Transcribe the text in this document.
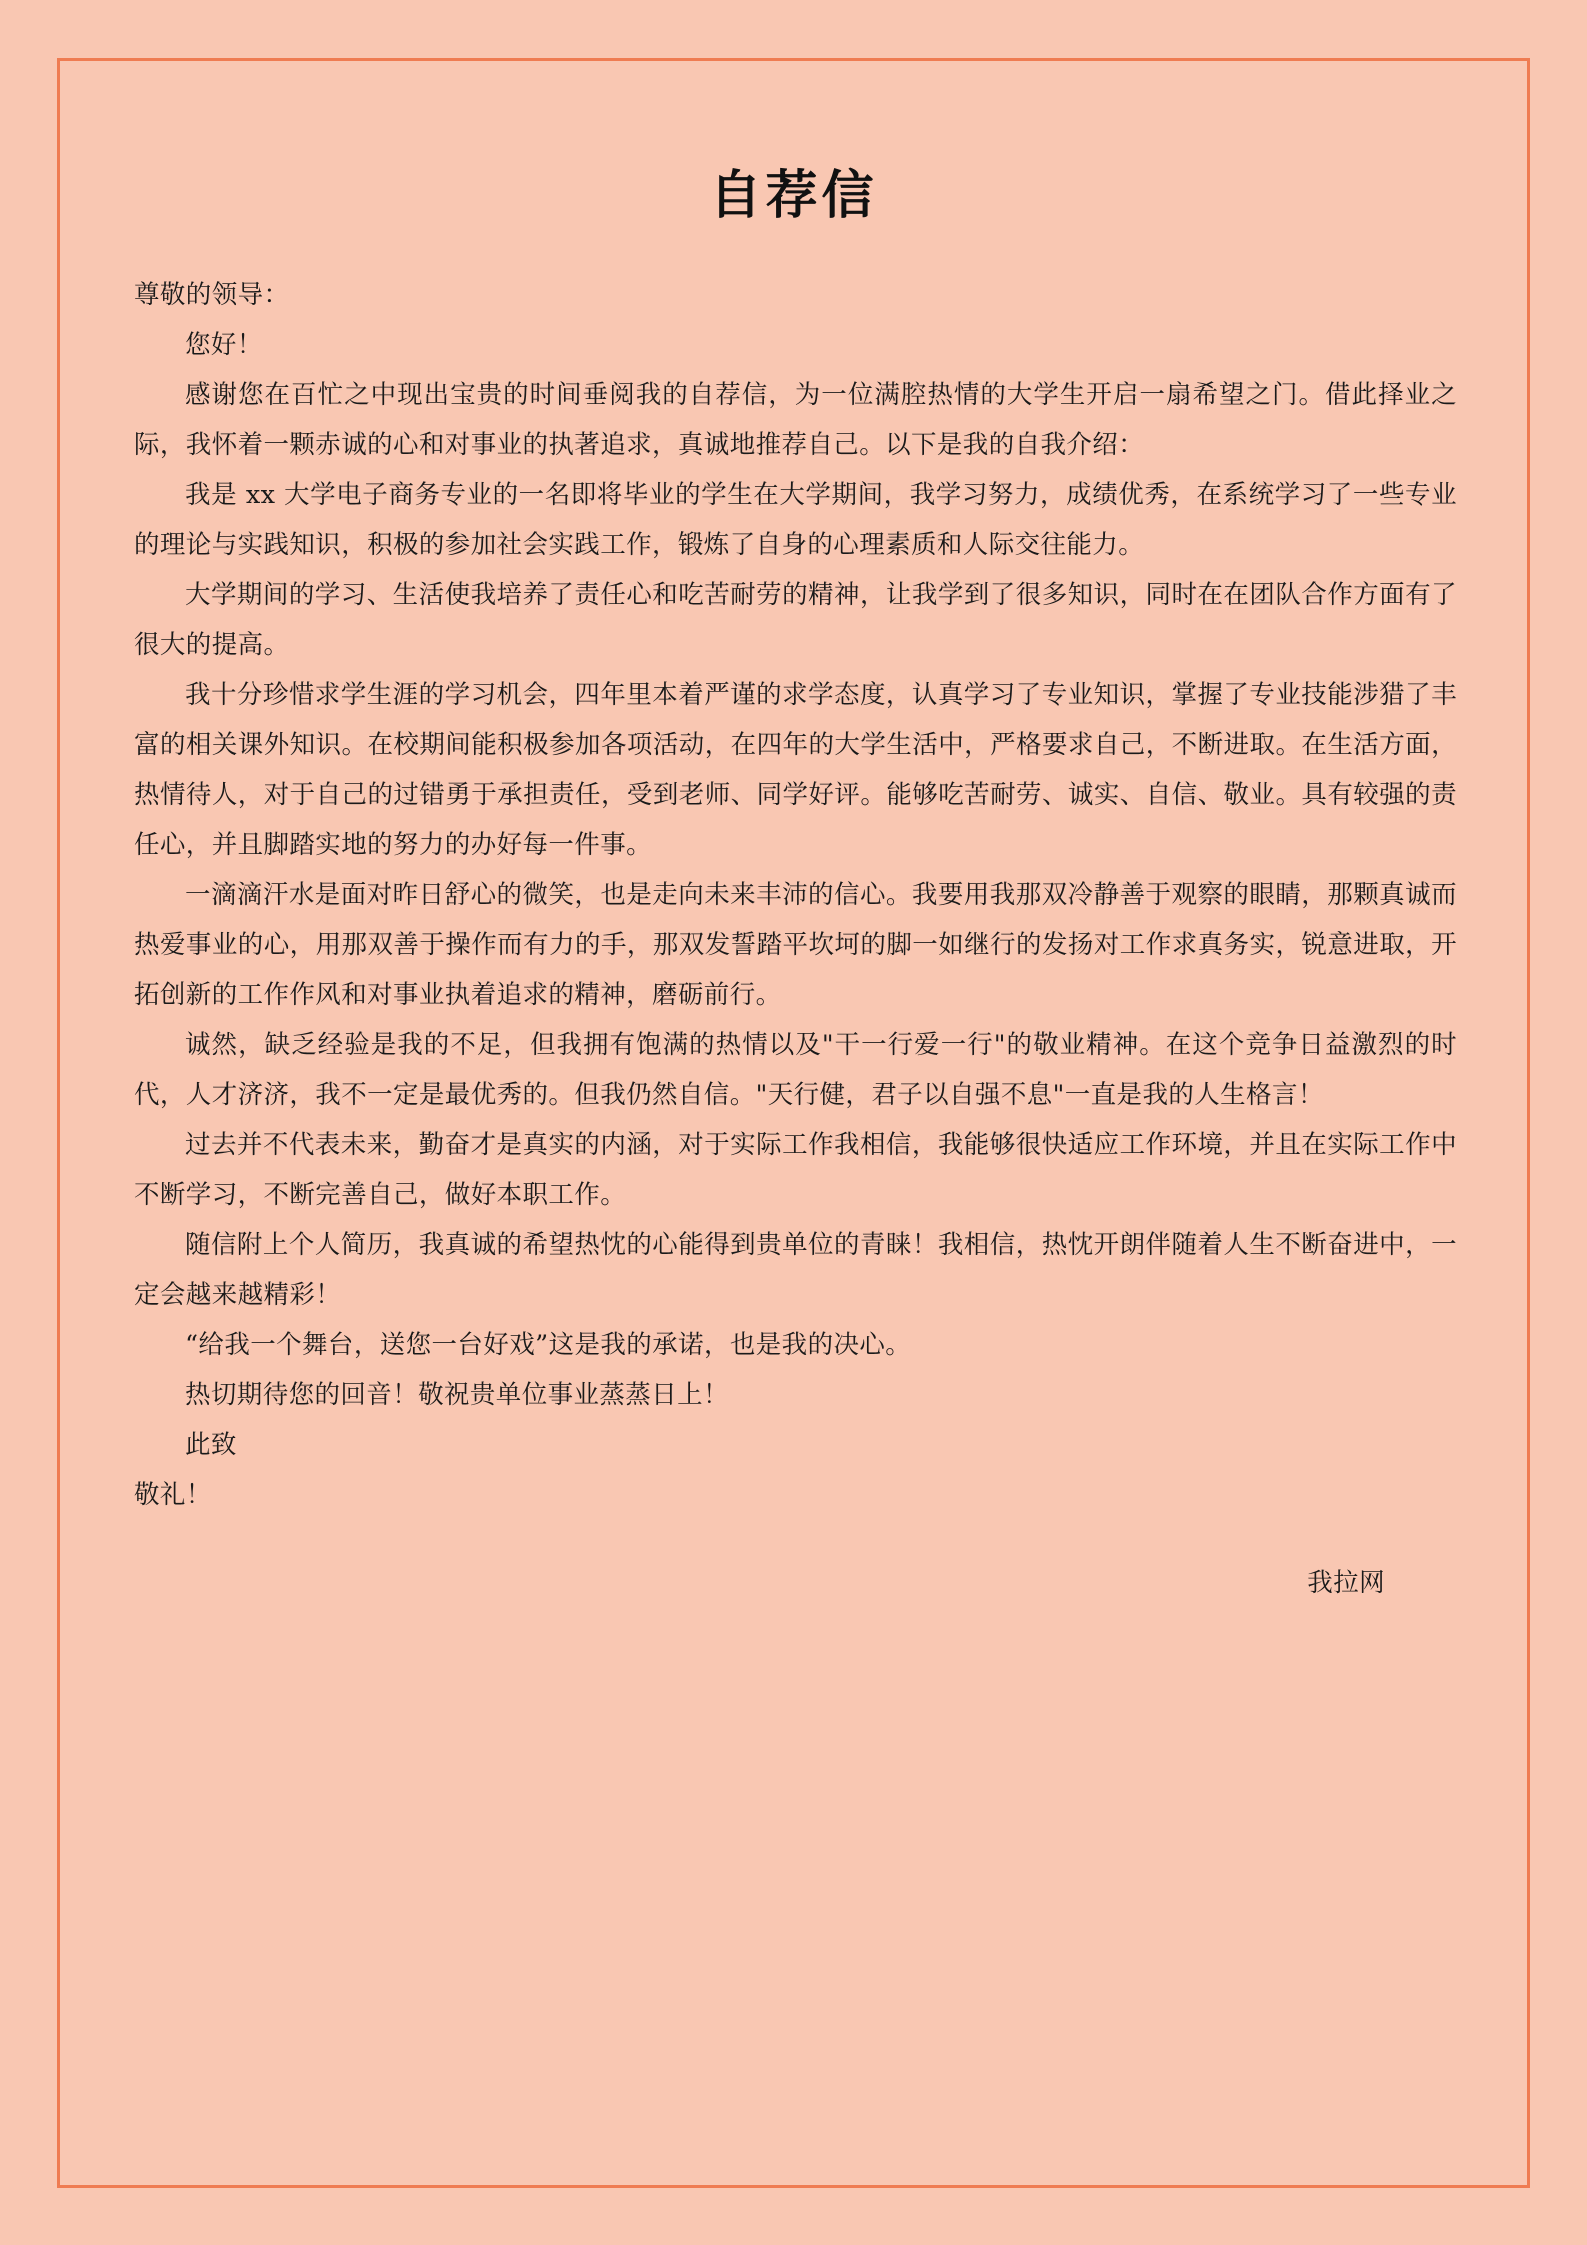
自荐信

尊敬的领导：

您好！

感谢您在百忙之中现出宝贵的时间垂阅我的自荐信，为一位满腔热情的大学生开启一扇希望之门。借此择业之际，我怀着一颗赤诚的心和对事业的执著追求，真诚地推荐自己。以下是我的自我介绍：

我是 xx 大学电子商务专业的一名即将毕业的学生在大学期间，我学习努力，成绩优秀，在系统学习了一些专业的理论与实践知识，积极的参加社会实践工作，锻炼了自身的心理素质和人际交往能力。

大学期间的学习、生活使我培养了责任心和吃苦耐劳的精神，让我学到了很多知识，同时在在团队合作方面有了很大的提高。

我十分珍惜求学生涯的学习机会，四年里本着严谨的求学态度，认真学习了专业知识，掌握了专业技能涉猎了丰富的相关课外知识。在校期间能积极参加各项活动，在四年的大学生活中，严格要求自己，不断进取。在生活方面，热情待人，对于自己的过错勇于承担责任，受到老师、同学好评。能够吃苦耐劳、诚实、自信、敬业。具有较强的责任心，并且脚踏实地的努力的办好每一件事。

一滴滴汗水是面对昨日舒心的微笑，也是走向未来丰沛的信心。我要用我那双冷静善于观察的眼睛，那颗真诚而热爱事业的心，用那双善于操作而有力的手，那双发誓踏平坎坷的脚一如继行的发扬对工作求真务实，锐意进取，开拓创新的工作作风和对事业执着追求的精神，磨砺前行。

诚然，缺乏经验是我的不足，但我拥有饱满的热情以及"干一行爱一行"的敬业精神。在这个竞争日益激烈的时代，人才济济，我不一定是最优秀的。但我仍然自信。"天行健，君子以自强不息"一直是我的人生格言！

过去并不代表未来，勤奋才是真实的内涵，对于实际工作我相信，我能够很快适应工作环境，并且在实际工作中不断学习，不断完善自己，做好本职工作。

随信附上个人简历，我真诚的希望热忱的心能得到贵单位的青睐！我相信，热忱开朗伴随着人生不断奋进中，一定会越来越精彩！

“给我一个舞台，送您一台好戏”这是我的承诺，也是我的决心。

热切期待您的回音！敬祝贵单位事业蒸蒸日上！

此致

敬礼！

我拉网
